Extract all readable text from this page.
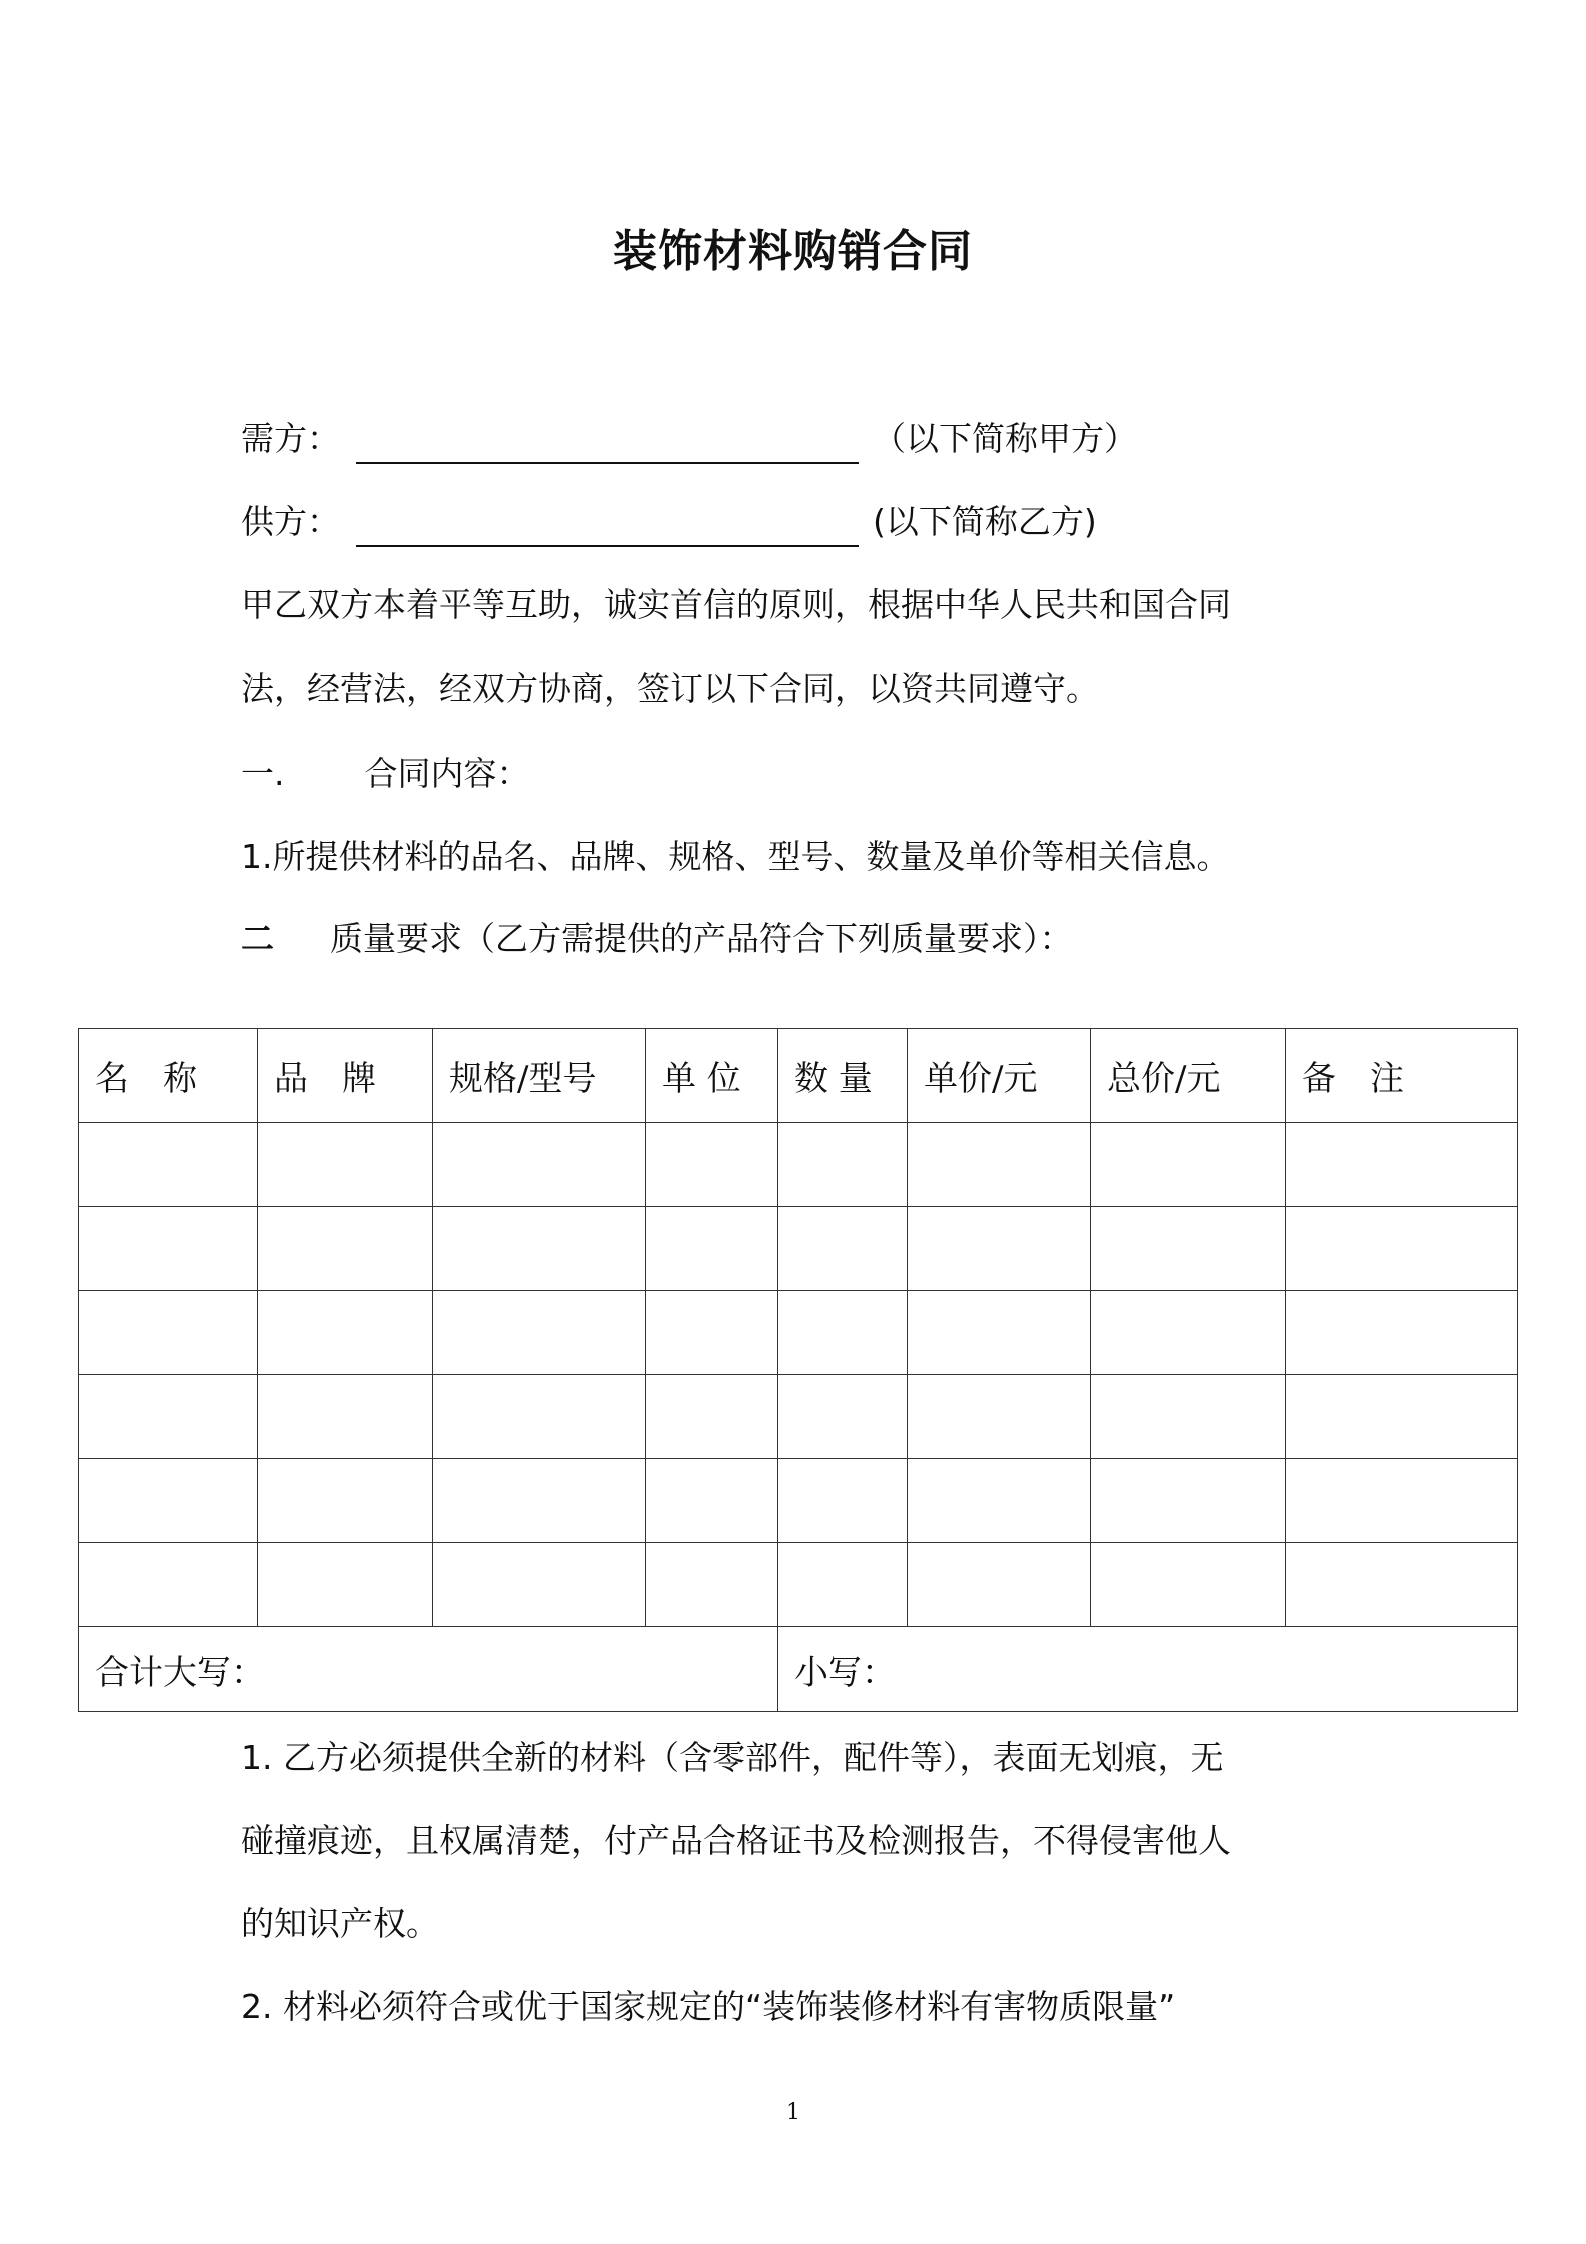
装饰材料购销合同
需方：	（以下简称甲方）
供方：	(以下简称乙方)
甲乙双方本着平等互助，诚实首信的原则，根据中华人民共和国合同
法，经营法，经双方协商，签订以下合同，以资共同遵守。
一. 合同内容：
1.所提供材料的品名、品牌、规格、型号、数量及单价等相关信息。
二 质量要求（乙方需提供的产品符合下列质量要求）：
名　称	品　牌	规格/型号	单 位	数 量	单价/元	总价/元	备　注

合计大写：				小写：			
1. 乙方必须提供全新的材料（含零部件，配件等），表面无划痕，无
碰撞痕迹，且权属清楚，付产品合格证书及检测报告，不得侵害他人
的知识产权。
2. 材料必须符合或优于国家规定的“装饰装修材料有害物质限量”
1
